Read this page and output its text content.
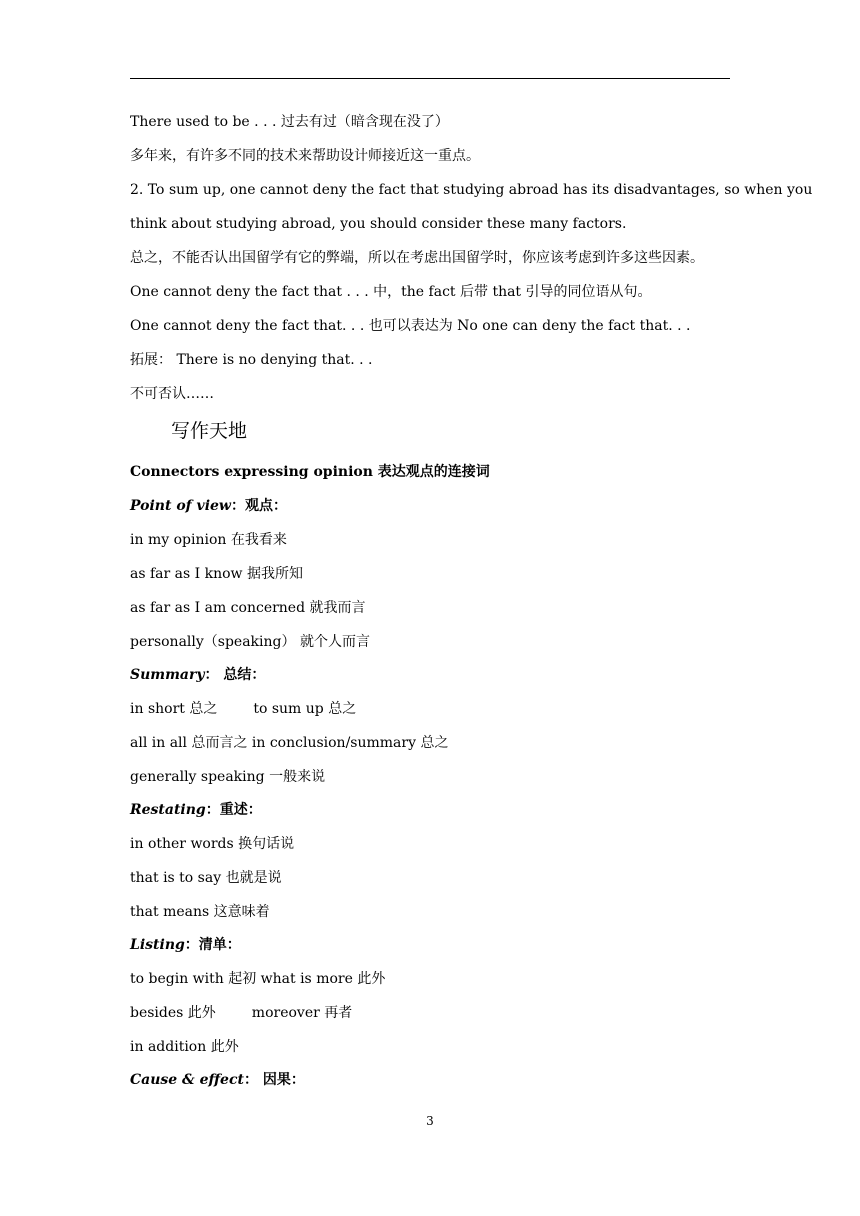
There used to be . . . 过去有过（暗含现在没了）
多年来，有许多不同的技术来帮助设计师接近这一重点。
2. To sum up, one cannot deny the fact that studying abroad has its disadvantages, so when you
think about studying abroad, you should consider these many factors.
总之，不能否认出国留学有它的弊端，所以在考虑出国留学时，你应该考虑到许多这些因素。
One cannot deny the fact that . . . 中，the fact 后带 that 引导的同位语从句。
One cannot deny the fact that. . . 也可以表达为 No one can deny the fact that. . .
拓展： There is no denying that. . .
不可否认……
写作天地
Connectors expressing opinion 表达观点的连接词
Point of view：观点：
in my opinion 在我看来
as far as I know 据我所知
as far as I am concerned 就我而言
personally（speaking） 就个人而言
Summary： 总结：
in short 总之	to sum up 总之
all in all 总而言之 in conclusion/summary 总之
generally speaking 一般来说
Restating：重述：
in other words 换句话说
that is to say 也就是说
that means 这意味着
Listing：清单：
to begin with 起初 what is more 此外
besides 此外	moreover 再者
in addition 此外
Cause & effect： 因果：
3
